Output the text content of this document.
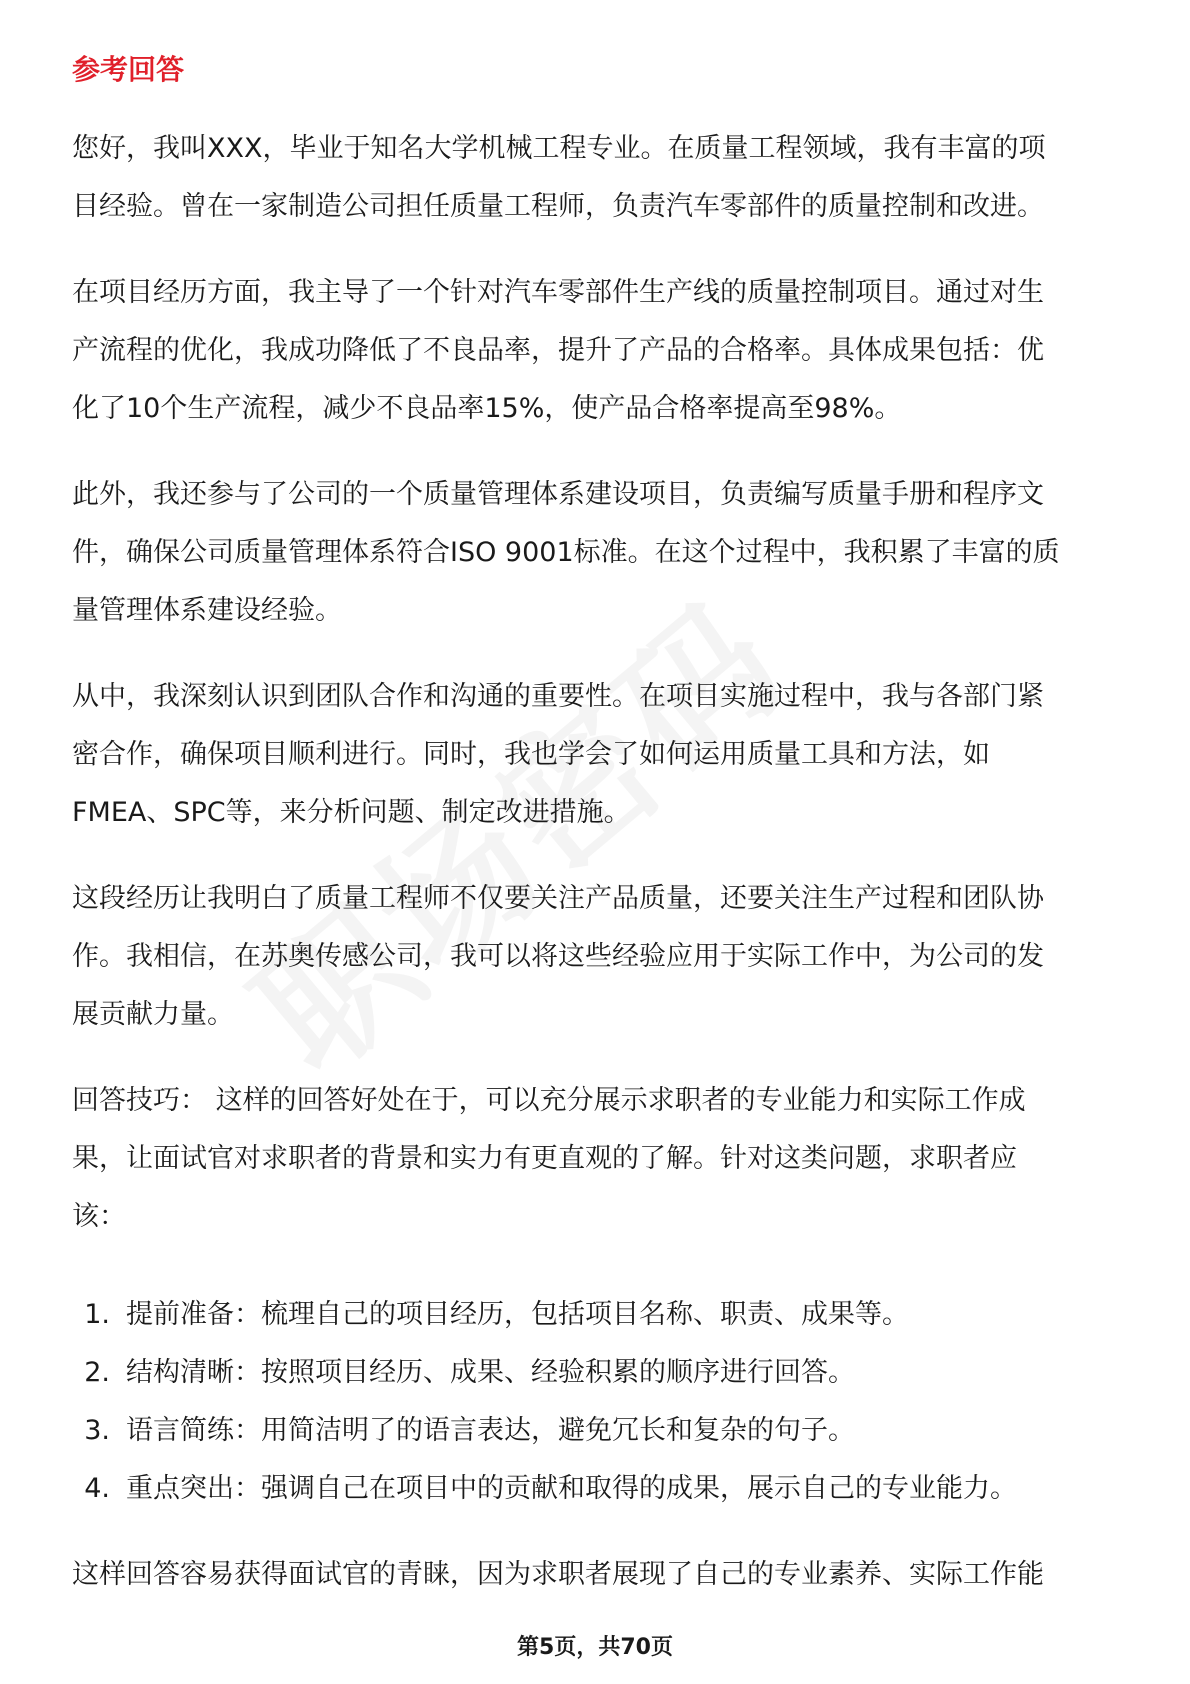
参考回答

您好，我叫XXX，毕业于知名大学机械工程专业。在质量工程领域，我有丰富的项
目经验。曾在一家制造公司担任质量工程师，负责汽车零部件的质量控制和改进。

在项目经历方面，我主导了一个针对汽车零部件生产线的质量控制项目。通过对生
产流程的优化，我成功降低了不良品率，提升了产品的合格率。具体成果包括：优
化了10个生产流程，减少不良品率15%，使产品合格率提高至98%。

此外，我还参与了公司的一个质量管理体系建设项目，负责编写质量手册和程序文
件，确保公司质量管理体系符合ISO 9001标准。在这个过程中，我积累了丰富的质
量管理体系建设经验。

从中，我深刻认识到团队合作和沟通的重要性。在项目实施过程中，我与各部门紧
密合作，确保项目顺利进行。同时，我也学会了如何运用质量工具和方法，如
FMEA、SPC等，来分析问题、制定改进措施。

这段经历让我明白了质量工程师不仅要关注产品质量，还要关注生产过程和团队协
作。我相信，在苏奥传感公司，我可以将这些经验应用于实际工作中，为公司的发
展贡献力量。

回答技巧： 这样的回答好处在于，可以充分展示求职者的专业能力和实际工作成
果，让面试官对求职者的背景和实力有更直观的了解。针对这类问题，求职者应
该：

1. 提前准备：梳理自己的项目经历，包括项目名称、职责、成果等。
2. 结构清晰：按照项目经历、成果、经验积累的顺序进行回答。
3. 语言简练：用简洁明了的语言表达，避免冗长和复杂的句子。
4. 重点突出：强调自己在项目中的贡献和取得的成果，展示自己的专业能力。

这样回答容易获得面试官的青睐，因为求职者展现了自己的专业素养、实际工作能

第5页，共70页
